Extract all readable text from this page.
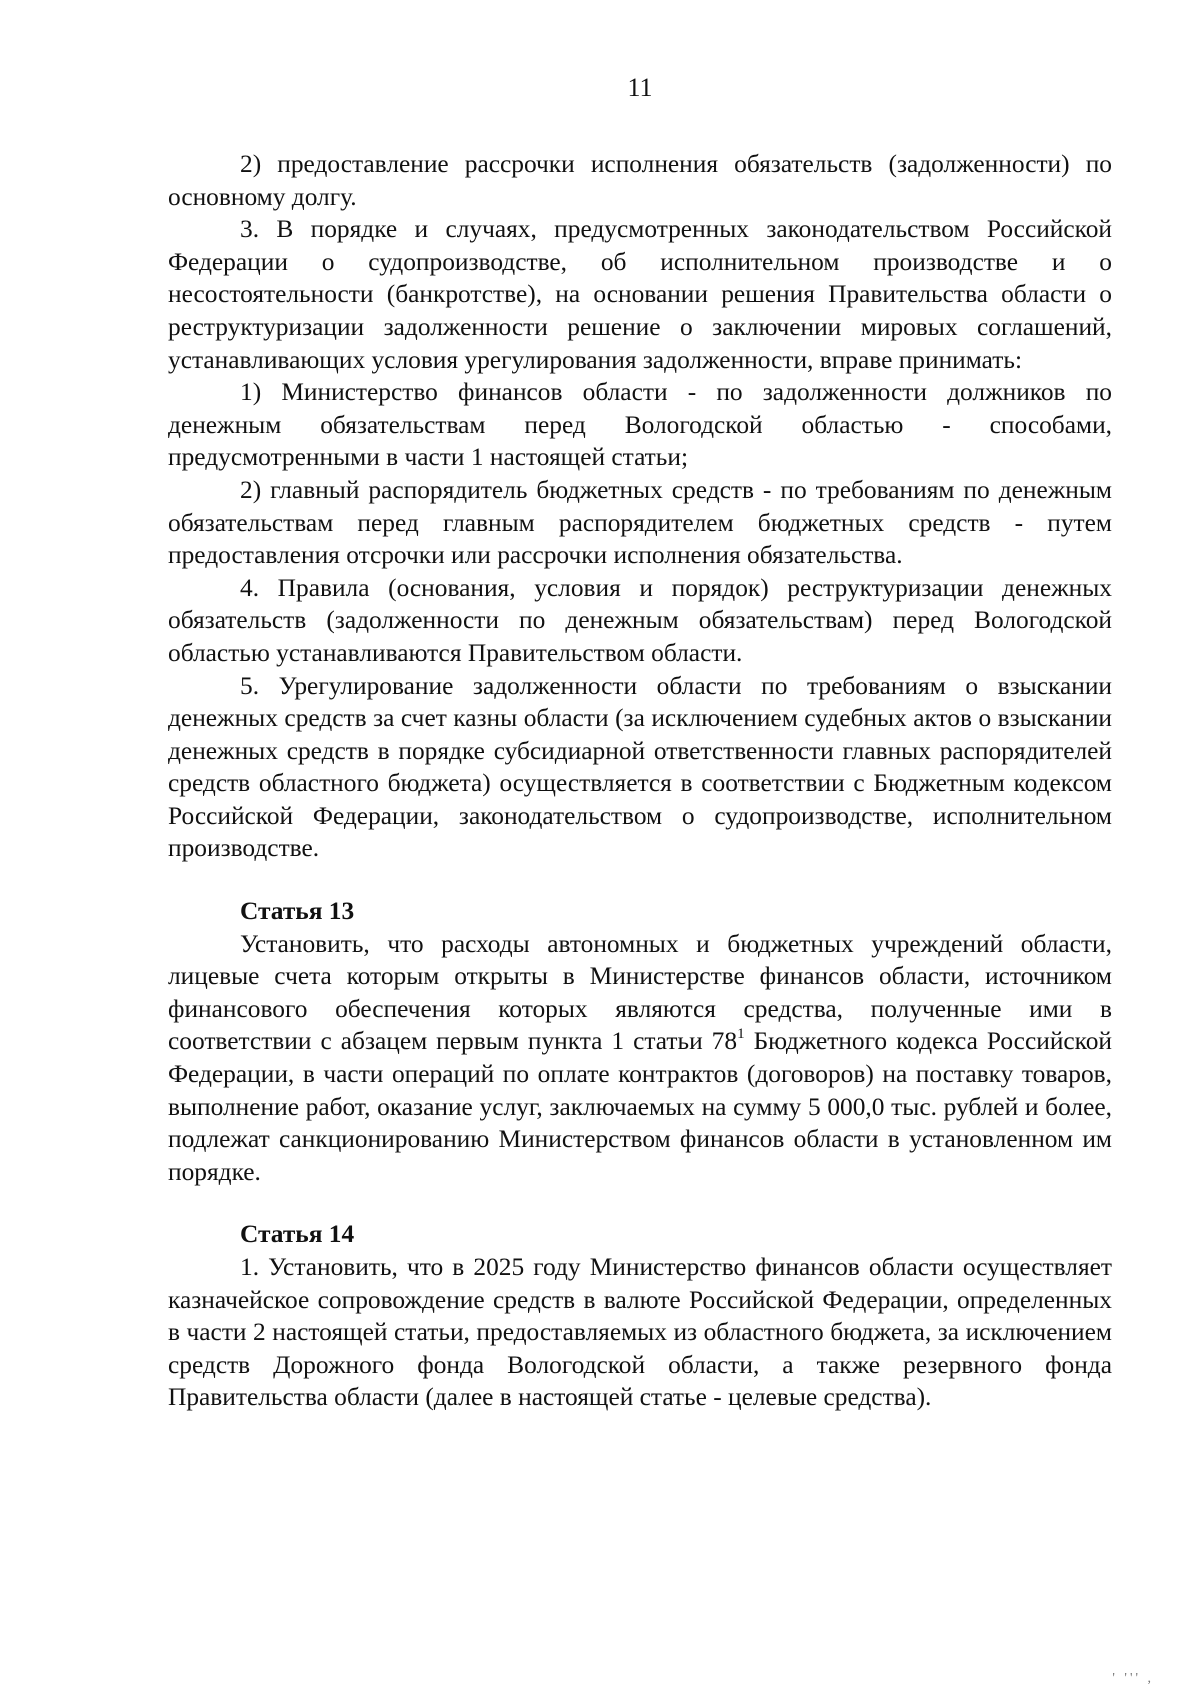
11

2) предоставление рассрочки исполнения обязательств (задолженности) по основному долгу.

3. В порядке и случаях, предусмотренных законодательством Российской Федерации о судопроизводстве, об исполнительном производстве и о несостоятельности (банкротстве), на основании решения Правительства области о реструктуризации задолженности решение о заключении мировых соглашений, устанавливающих условия урегулирования задолженности, вправе принимать:

1) Министерство финансов области - по задолженности должников по денежным обязательствам перед Вологодской областью - способами, предусмотренными в части 1 настоящей статьи;

2) главный распорядитель бюджетных средств - по требованиям по денежным обязательствам перед главным распорядителем бюджетных средств - путем предоставления отсрочки или рассрочки исполнения обязательства.

4. Правила (основания, условия и порядок) реструктуризации денежных обязательств (задолженности по денежным обязательствам) перед Вологодской областью устанавливаются Правительством области.

5. Урегулирование задолженности области по требованиям о взыскании денежных средств за счет казны области (за исключением судебных актов о взыскании денежных средств в порядке субсидиарной ответственности главных распорядителей средств областного бюджета) осуществляется в соответствии с Бюджетным кодексом Российской Федерации, законодательством о судопроизводстве, исполнительном производстве.

Статья 13

Установить, что расходы автономных и бюджетных учреждений области, лицевые счета которым открыты в Министерстве финансов области, источником финансового обеспечения которых являются средства, полученные ими в соответствии с абзацем первым пункта 1 статьи $78^1$ Бюджетного кодекса Российской Федерации, в части операций по оплате контрактов (договоров) на поставку товаров, выполнение работ, оказание услуг, заключаемых на сумму 5 000,0 тыс. рублей и более, подлежат санкционированию Министерством финансов области в установленном им порядке.

Статья 14

1. Установить, что в 2025 году Министерство финансов области осуществляет казначейское сопровождение средств в валюте Российской Федерации, определенных в части 2 настоящей статьи, предоставляемых из областного бюджета, за исключением средств Дорожного фонда Вологодской области, а также резервного фонда Правительства области (далее в настоящей статье - целевые средства).

' ''' ,
